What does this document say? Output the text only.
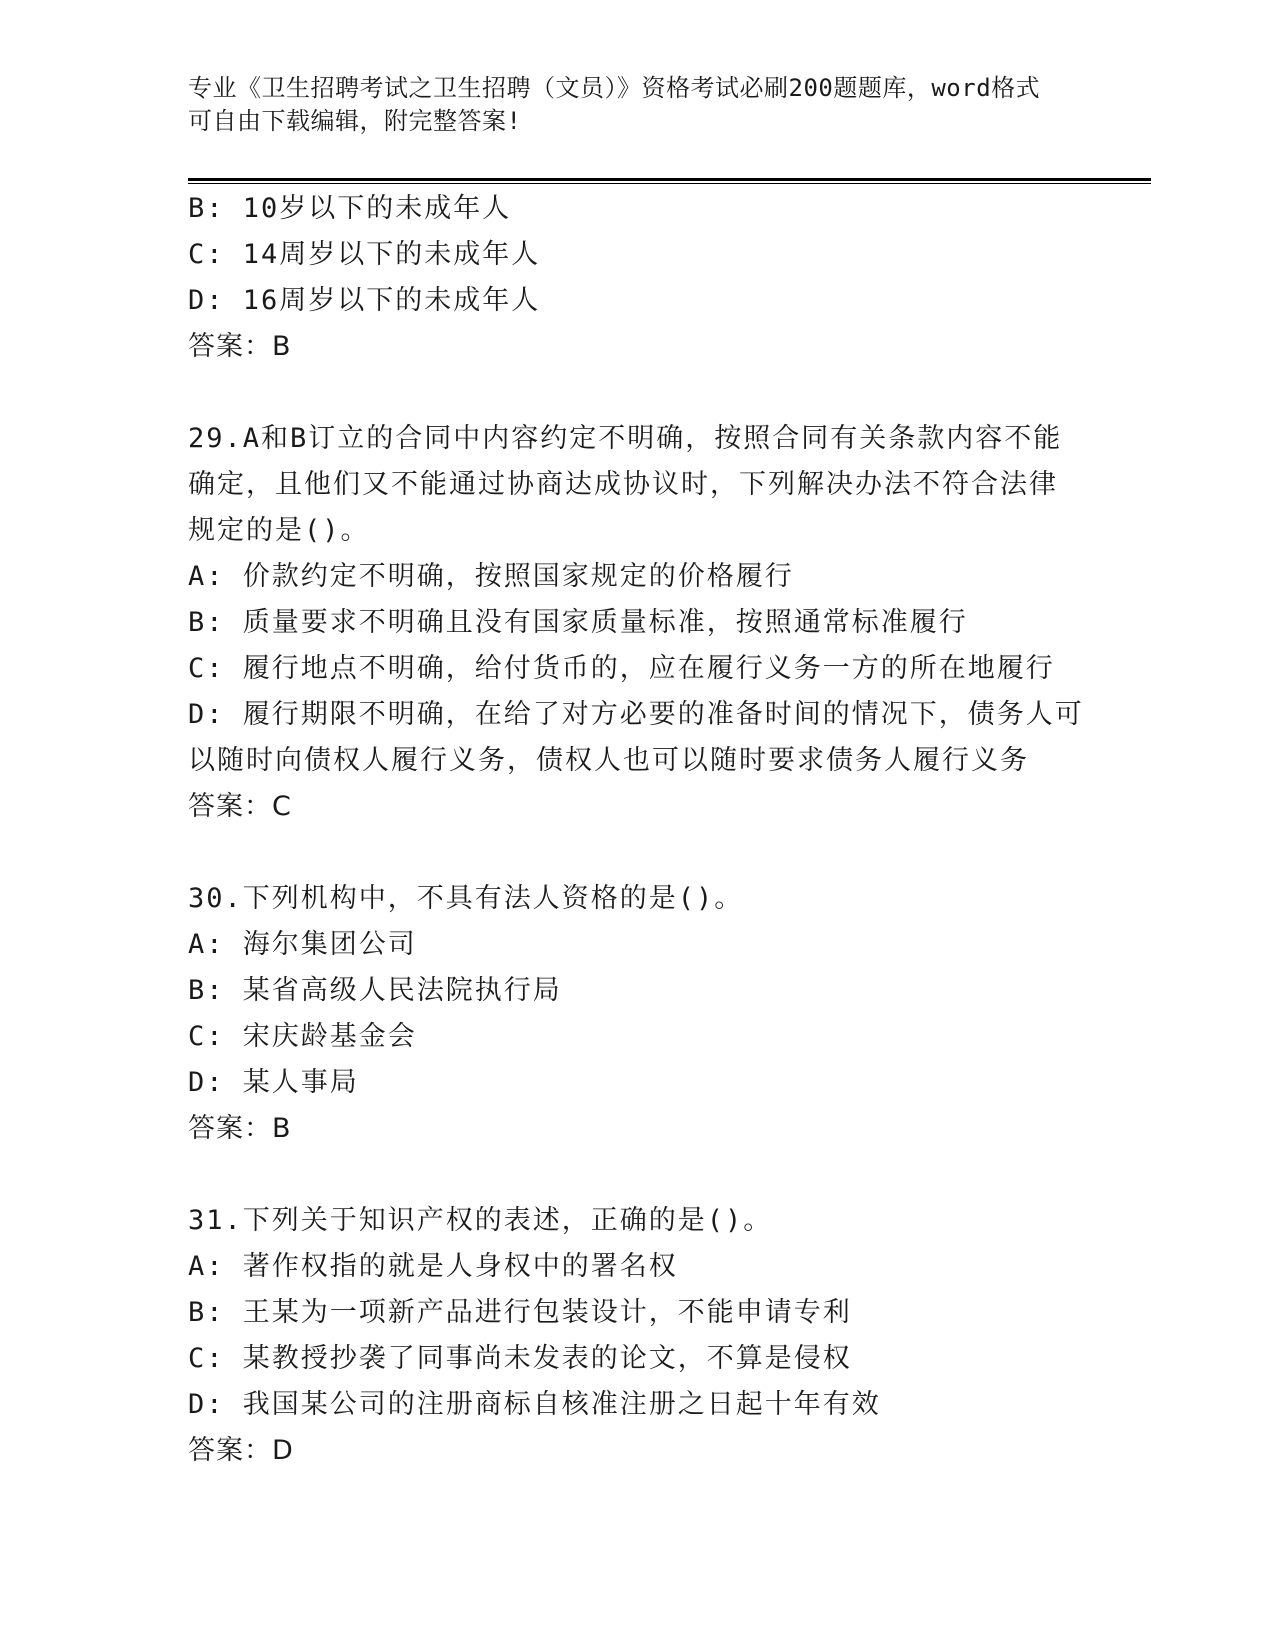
专业《卫生招聘考试之卫生招聘（文员）》资格考试必刷200题题库，word格式
可自由下载编辑，附完整答案!
B: 10岁以下的未成年人
C: 14周岁以下的未成年人
D: 16周岁以下的未成年人
答案：B
29.A和B订立的合同中内容约定不明确，按照合同有关条款内容不能
确定，且他们又不能通过协商达成协议时，下列解决办法不符合法律
规定的是()。
A: 价款约定不明确，按照国家规定的价格履行
B: 质量要求不明确且没有国家质量标准，按照通常标准履行
C: 履行地点不明确，给付货币的，应在履行义务一方的所在地履行
D: 履行期限不明确，在给了对方必要的准备时间的情况下，债务人可
以随时向债权人履行义务，债权人也可以随时要求债务人履行义务
答案：C
30.下列机构中，不具有法人资格的是()。
A: 海尔集团公司
B: 某省高级人民法院执行局
C: 宋庆龄基金会
D: 某人事局
答案：B
31.下列关于知识产权的表述，正确的是()。
A: 著作权指的就是人身权中的署名权
B: 王某为一项新产品进行包装设计，不能申请专利
C: 某教授抄袭了同事尚未发表的论文，不算是侵权
D: 我国某公司的注册商标自核准注册之日起十年有效
答案：D
